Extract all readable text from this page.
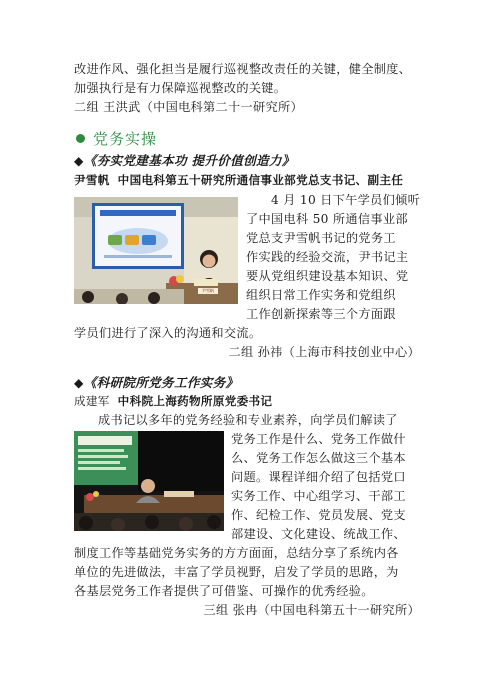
改进作风、强化担当是履行巡视整改责任的关键，健全制度、
加强执行是有力保障巡视整改的关键。
二组 王洪武（中国电科第二十一研究所）
党务实操
◆《夯实党建基本功 提升价值创造力》
尹雪帆 中国电科第五十研究所通信事业部党总支书记、副主任
尹雪帆
4 月 10 日下午学员们倾听
了中国电科 50 所通信事业部
党总支尹雪帆书记的党务工
作实践的经验交流，尹书记主
要从党组织建设基本知识、党
组织日常工作实务和党组织
工作创新探索等三个方面跟
学员们进行了深入的沟通和交流。
二组 孙祎（上海市科技创业中心）
◆《科研院所党务工作实务》
成建军 中科院上海药物所原党委书记
成书记以多年的党务经验和专业素养，向学员们解读了
党务工作是什么、党务工作做什
么、党务工作怎么做这三个基本
问题。课程详细介绍了包括党口
实务工作、中心组学习、干部工
作、纪检工作、党员发展、党支
部建设、文化建设、统战工作、
制度工作等基础党务实务的方方面面，总结分享了系统内各
单位的先进做法，丰富了学员视野，启发了学员的思路，为
各基层党务工作者提供了可借鉴、可操作的优秀经验。
三组 张冉（中国电科第五十一研究所）
